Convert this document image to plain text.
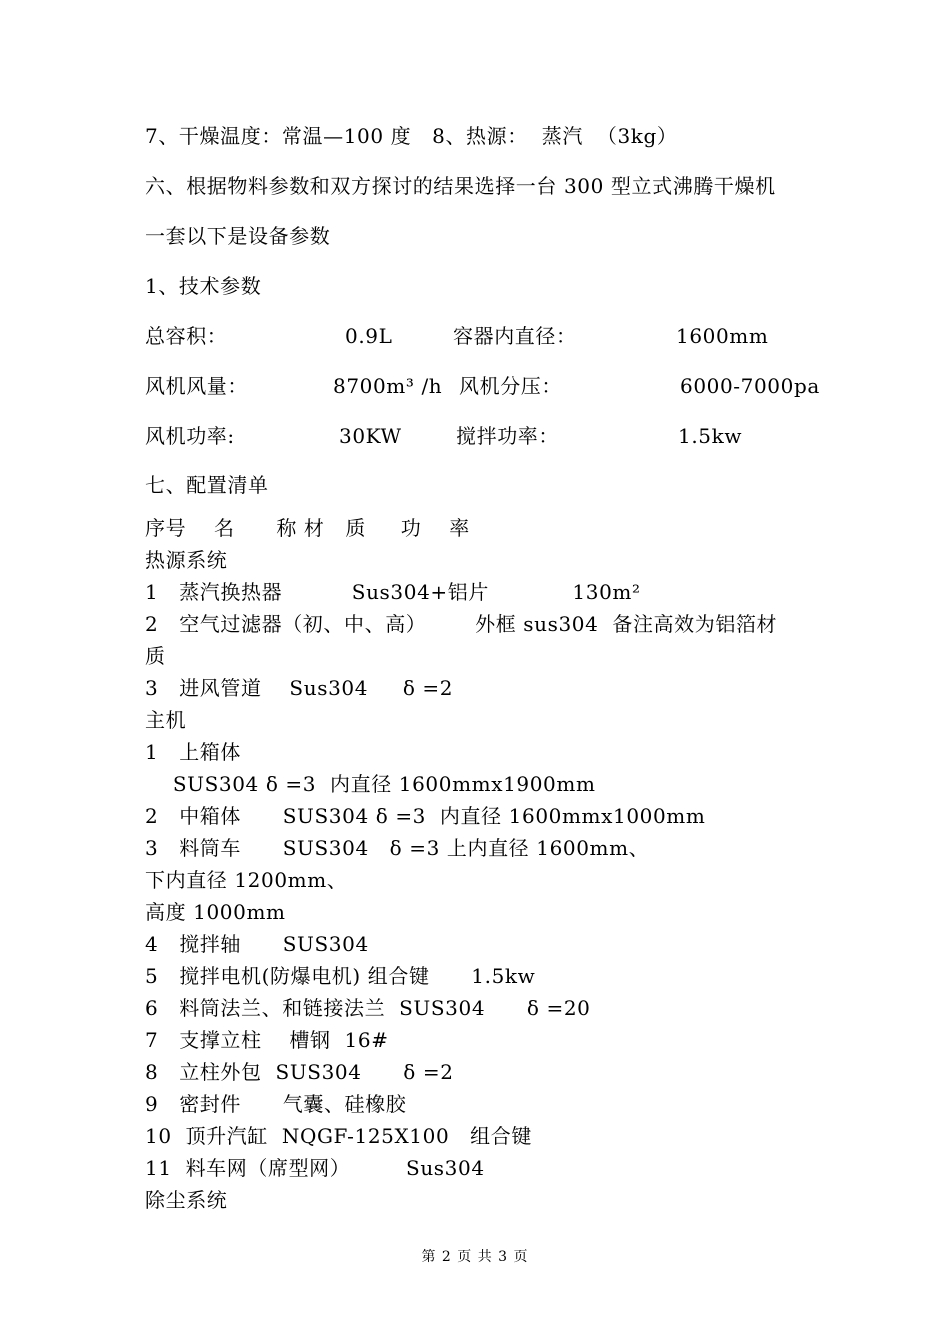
7、干燥温度：常温—100 度   8、热源：  蒸汽  （3kg）
六、根据物料参数和双方探讨的结果选择一台 300 型立式沸腾干燥机
一套以下是设备参数
1、技术参数
总容积：	0.9L	容器内直径：	1600mm
风机风量：	8700m³ /h 风机分压：	6000-7000pa
风机功率:	30KW	搅拌功率：	1.5kw
七、配置清单
序号    名      称 材   质     功    率
热源系统
1   蒸汽换热器          Sus304+铝片            130m²
2   空气过滤器（初、中、高）       外框 sus304  备注高效为铝箔材
质
3   进风管道    Sus304     δ =2
主机
1   上箱体
SUS304 δ =3  内直径 1600mmx1900mm
2   中箱体      SUS304 δ =3  内直径 1600mmx1000mm
3   料筒车      SUS304   δ =3 上内直径 1600mm、
下内直径 1200mm、
高度 1000mm
4   搅拌轴      SUS304
5   搅拌电机(防爆电机) 组合键      1.5kw
6   料筒法兰、和链接法兰  SUS304      δ =20
7   支撑立柱    槽钢  16#
8   立柱外包  SUS304      δ =2
9   密封件      气囊、硅橡胶
10  顶升汽缸  NQGF-125X100   组合键
11  料车网（席型网）        Sus304
除尘系统
第 2 页 共 3 页
